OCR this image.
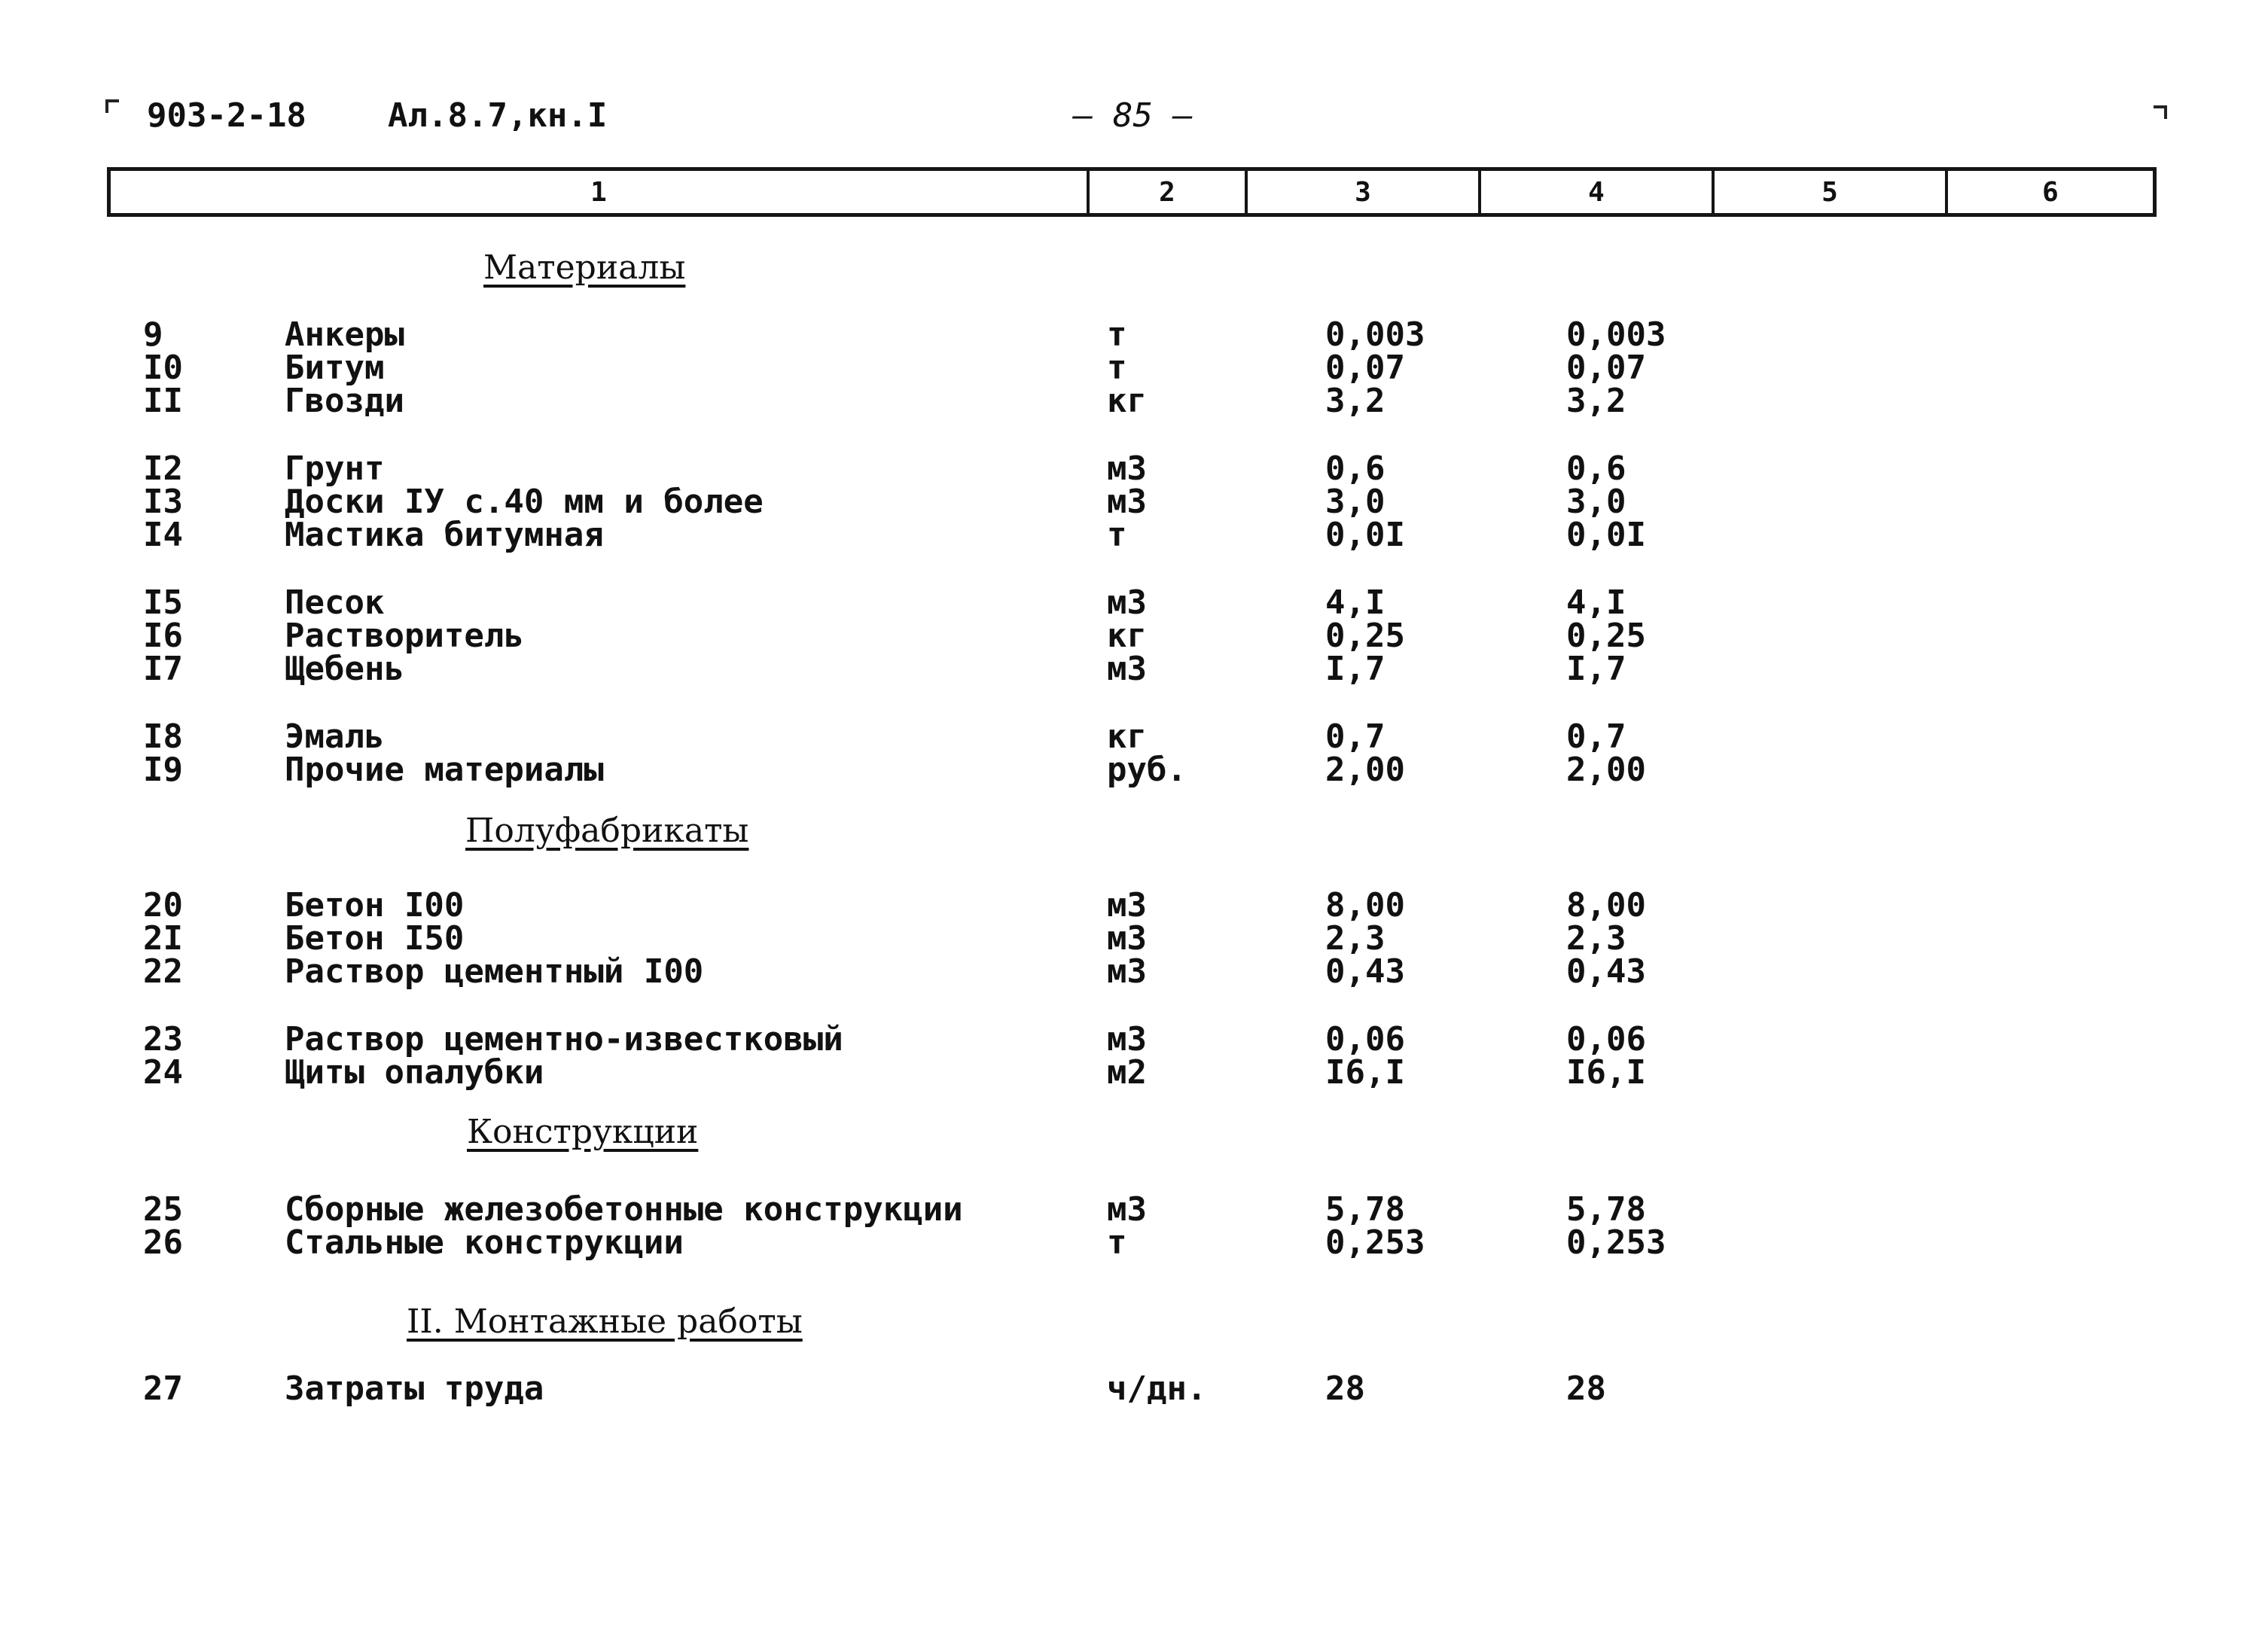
903-2-18 Ал.8.7,кн.I	— 85 —
1	2	3	4	5	6
Материалы
Полуфабрикаты
Конструкции
II. Монтажные работы
9	Анкеры	т	0,003	0,003
I0	Битум	т	0,07	0,07
II	Гвозди	кг	3,2	3,2
I2	Грунт	м3	0,6	0,6
I3	Доски IУ с.40 мм и более	м3	3,0	3,0
I4	Мастика битумная	т	0,0I	0,0I
I5	Песок	м3	4,I	4,I
I6	Растворитель	кг	0,25	0,25
I7	Щебень	м3	I,7	I,7
I8	Эмаль	кг	0,7	0,7
I9	Прочие материалы	руб.	2,00	2,00
20	Бетон I00	м3	8,00	8,00
2I	Бетон I50	м3	2,3	2,3
22	Раствор цементный I00	м3	0,43	0,43
23	Раствор цементно-известковый	м3	0,06	0,06
24	Щиты опалубки	м2	I6,I	I6,I
25	Сборные железобетонные конструкции	м3	5,78	5,78
26	Стальные конструкции	т	0,253	0,253
27	Затраты труда	ч/дн.	28	28
